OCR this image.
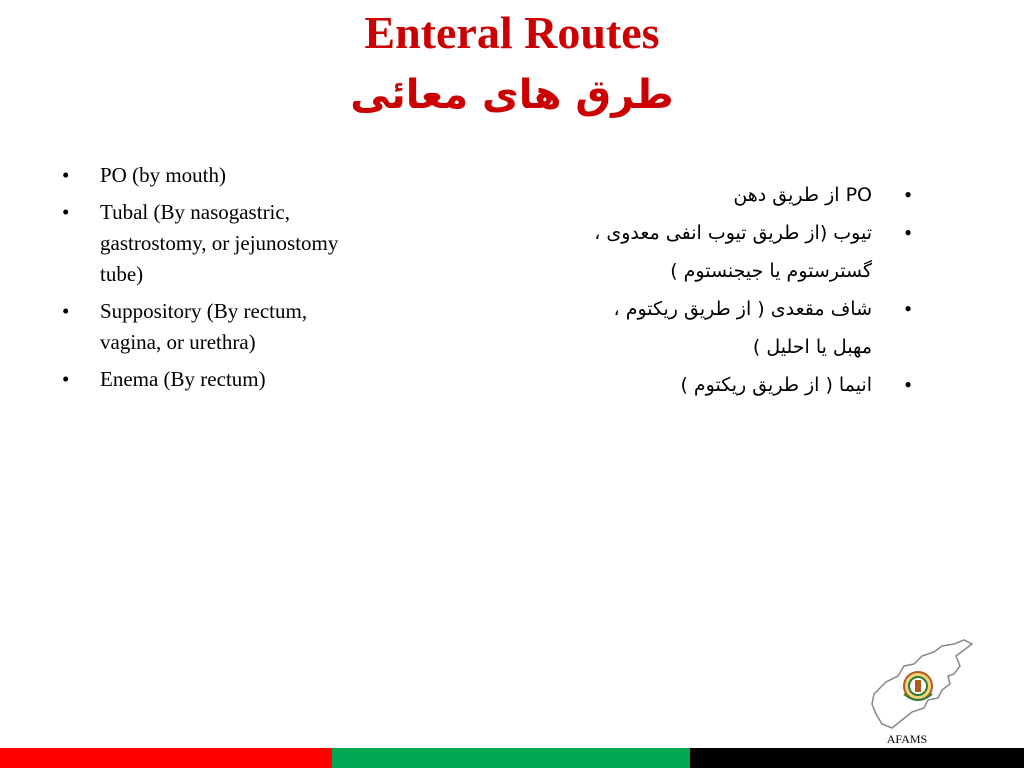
Enteral Routes
طرق های معائی
• PO (by mouth)
• Tubal (By nasogastric, gastrostomy, or jejunostomy tube)
• Suppository (By rectum, vagina, or urethra)
• Enema (By rectum)
•
PO از طریق دهن
•
تیوب (از طریق تیوب انفی معدوی ، گسترستوم یا جیجنستوم )
•
شاف مقعدی ( از طریق ریکتوم ، مهبل یا احلیل )
•
انیما ( از طریق ریکتوم )
AFAMS
